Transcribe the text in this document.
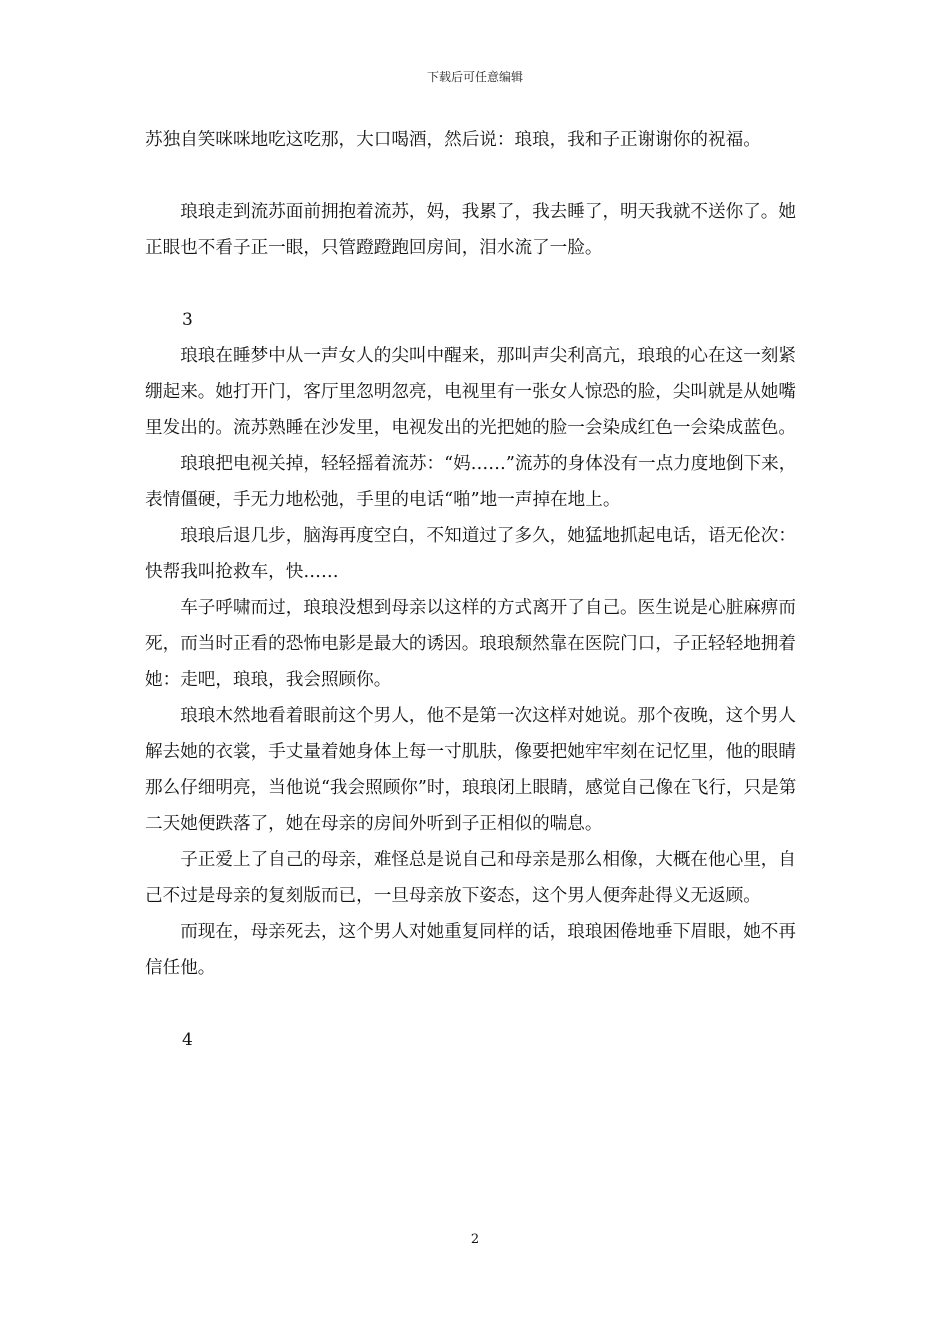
下载后可任意编辑

苏独自笑咪咪地吃这吃那，大口喝酒，然后说：琅琅，我和子正谢谢你的祝福。

琅琅走到流苏面前拥抱着流苏，妈，我累了，我去睡了，明天我就不送你了。她正眼也不看子正一眼，只管蹬蹬跑回房间，泪水流了一脸。

3

琅琅在睡梦中从一声女人的尖叫中醒来，那叫声尖利高亢，琅琅的心在这一刻紧绷起来。她打开门，客厅里忽明忽亮，电视里有一张女人惊恐的脸，尖叫就是从她嘴里发出的。流苏熟睡在沙发里，电视发出的光把她的脸一会染成红色一会染成蓝色。

琅琅把电视关掉，轻轻摇着流苏：“妈……”流苏的身体没有一点力度地倒下来，表情僵硬，手无力地松弛，手里的电话“啪”地一声掉在地上。

琅琅后退几步，脑海再度空白，不知道过了多久，她猛地抓起电话，语无伦次：快帮我叫抢救车，快……

车子呼啸而过，琅琅没想到母亲以这样的方式离开了自己。医生说是心脏麻痹而死，而当时正看的恐怖电影是最大的诱因。琅琅颓然靠在医院门口，子正轻轻地拥着她：走吧，琅琅，我会照顾你。

琅琅木然地看着眼前这个男人，他不是第一次这样对她说。那个夜晚，这个男人解去她的衣裳，手丈量着她身体上每一寸肌肤，像要把她牢牢刻在记忆里，他的眼睛那么仔细明亮，当他说“我会照顾你”时，琅琅闭上眼睛，感觉自己像在飞行，只是第二天她便跌落了，她在母亲的房间外听到子正相似的喘息。

子正爱上了自己的母亲，难怪总是说自己和母亲是那么相像，大概在他心里，自己不过是母亲的复刻版而已，一旦母亲放下姿态，这个男人便奔赴得义无返顾。

而现在，母亲死去，这个男人对她重复同样的话，琅琅困倦地垂下眉眼，她不再信任他。

4

2
